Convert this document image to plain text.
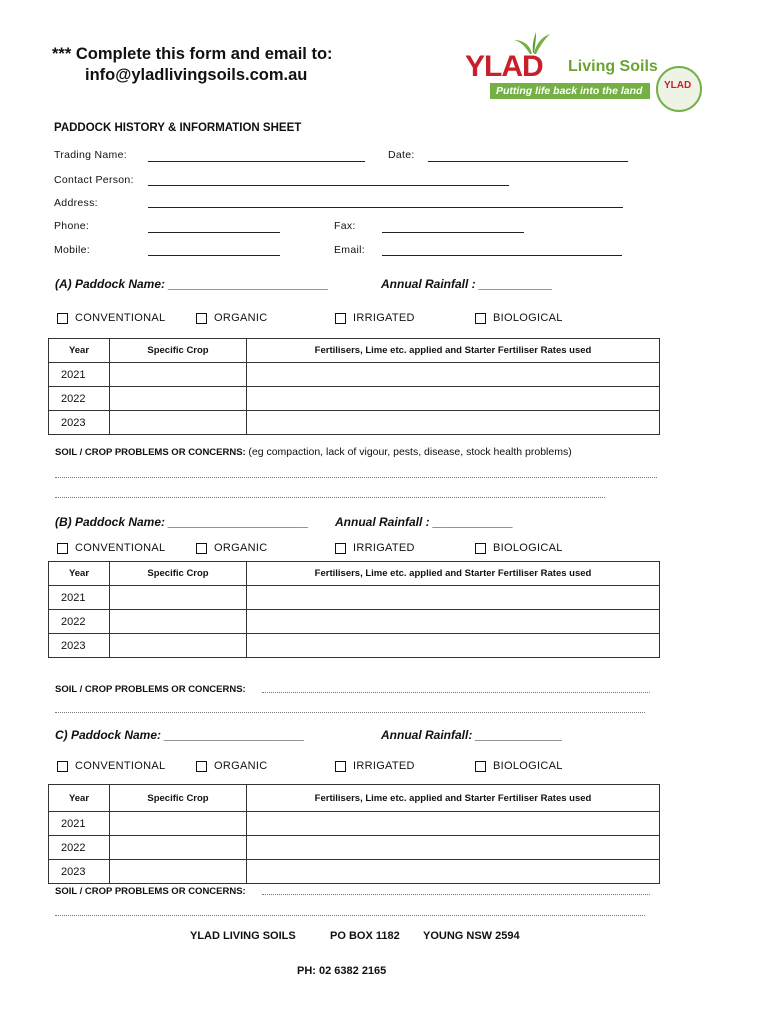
*** Complete this form and email to:
info@yladlivingsoils.com.au	YLAD Living Soils
Putting life back into the land	YLAD
PADDOCK HISTORY & INFORMATION SHEET
Trading Name:	Date:
Contact Person:
Address:
Phone:	Fax:
Mobile:	Email:
(A) Paddock Name: ________________________	Annual Rainfall : ___________
CONVENTIONAL	ORGANIC	IRRIGATED	BIOLOGICAL
Year	Specific Crop	Fertilisers, Lime etc. applied and Starter Fertiliser Rates used
2021		
2022		
2023		
SOIL / CROP PROBLEMS OR CONCERNS: (eg compaction, lack of vigour, pests, disease, stock health problems)
(B) Paddock Name: _____________________ Annual Rainfall : ____________
CONVENTIONAL	ORGANIC	IRRIGATED	BIOLOGICAL
Year	Specific Crop	Fertilisers, Lime etc. applied and Starter Fertiliser Rates used
2021		
2022		
2023		
SOIL / CROP PROBLEMS OR CONCERNS:
C) Paddock Name: _____________________	Annual Rainfall: _____________
CONVENTIONAL	ORGANIC	IRRIGATED	BIOLOGICAL
Year	Specific Crop	Fertilisers, Lime etc. applied and Starter Fertiliser Rates used
2021		
2022		
2023		
SOIL / CROP PROBLEMS OR CONCERNS:
YLAD LIVING SOILS	PO BOX 1182 YOUNG NSW 2594
PH: 02 6382 2165
